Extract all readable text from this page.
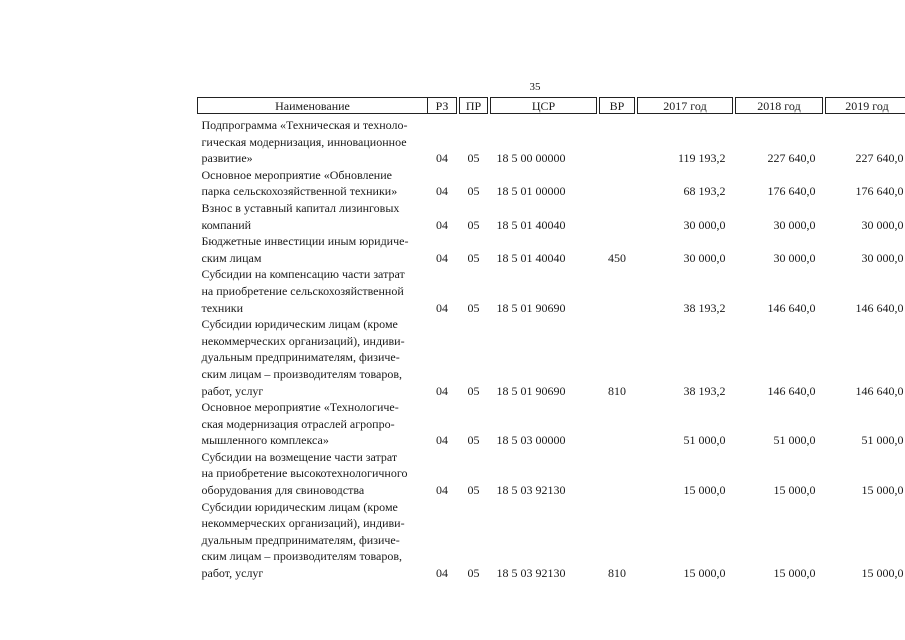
35
Наименование	РЗ		ПР		ЦСР		ВР		2017 год		2018 год		2019 год
Подпрограмма «Техническая и техноло-
гическая модернизация, инновационное
развитие»	04		05		18 5 00 00000				119 193,2		227 640,0		227 640,0
Основное мероприятие «Обновление
парка сельскохозяйственной техники»	04		05		18 5 01 00000				68 193,2		176 640,0		176 640,0
Взнос в уставный капитал лизинговых
компаний	04		05		18 5 01 40040				30 000,0		30 000,0		30 000,0
Бюджетные инвестиции иным юридиче-
ским лицам	04		05		18 5 01 40040		450		30 000,0		30 000,0		30 000,0
Субсидии на компенсацию части затрат
на приобретение сельскохозяйственной
техники	04		05		18 5 01 90690				38 193,2		146 640,0		146 640,0
Субсидии юридическим лицам (кроме
некоммерческих организаций), индиви-
дуальным предпринимателям, физиче-
ским лицам – производителям товаров,
работ, услуг	04		05		18 5 01 90690		810		38 193,2		146 640,0		146 640,0
Основное мероприятие «Технологиче-
ская модернизация отраслей агропро-
мышленного комплекса»	04		05		18 5 03 00000				51 000,0		51 000,0		51 000,0
Субсидии на возмещение части затрат
на приобретение высокотехнологичного
оборудования для свиноводства	04		05		18 5 03 92130				15 000,0		15 000,0		15 000,0
Субсидии юридическим лицам (кроме
некоммерческих организаций), индиви-
дуальным предпринимателям, физиче-
ским лицам – производителям товаров,
работ, услуг	04		05		18 5 03 92130		810		15 000,0		15 000,0		15 000,0
